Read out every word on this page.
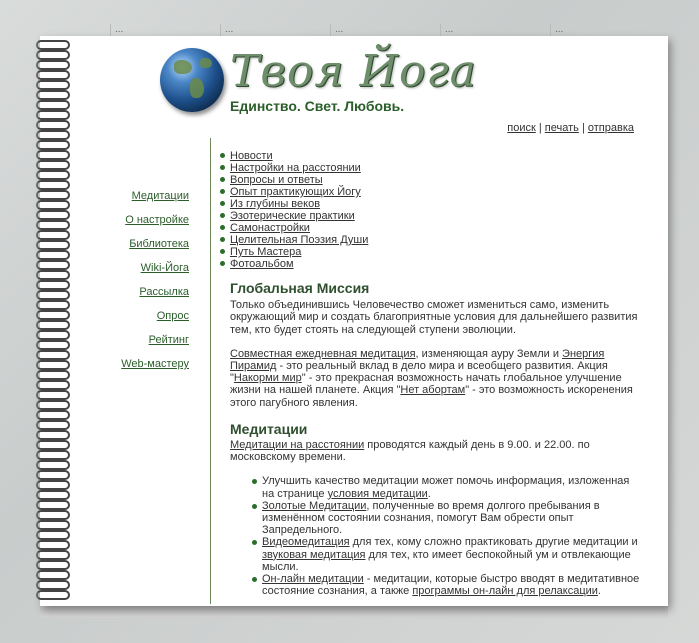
...	...	...	...	...
Твоя Йога
Единство. Свет. Любовь.
поиск | печать | отправка
Медитации
О настройке
Библиотека
Wiki-Йога
Рассылка
Опрос
Рейтинг
Web-мастеру
Новости
Настройки на расстоянии
Вопросы и ответы
Опыт практикующих Йогу
Из глубины веков
Эзотерические практики
Самонастройки
Целительная Поэзия Души
Путь Мастера
Фотоальбом
Глобальная Миссия

Только объединившись Человечество сможет измениться само, изменить окружающий мир и создать благоприятные условия для дальнейшего развития тем, кто будет стоять на следующей ступени эволюции.

Совместная ежедневная медитация, изменяющая ауру Земли и Энергия Пирамид - это реальный вклад в дело мира и всеобщего развития. Акция "Накорми мир" - это прекрасная возможность начать глобальное улучшение жизни на нашей планете. Акция "Нет абортам" - это возможность искоренения этого пагубного явления.

Медитации

Медитации на расстоянии проводятся каждый день в 9.00. и 22.00. по московскому времени.

Улучшить качество медитации может помочь информация, изложенная на странице условия медитации.
Золотые Медитации, полученные во время долгого пребывания в изменённом состоянии сознания, помогут Вам обрести опыт Запредельного.
Видеомедитация для тех, кому сложно практиковать другие медитации и звуковая медитация для тех, кто имеет беспокойный ум и отвлекающие мысли.
Он-лайн медитации - медитации, которые быстро вводят в медитативное состояние сознания, а также программы он-лайн для релаксации.
